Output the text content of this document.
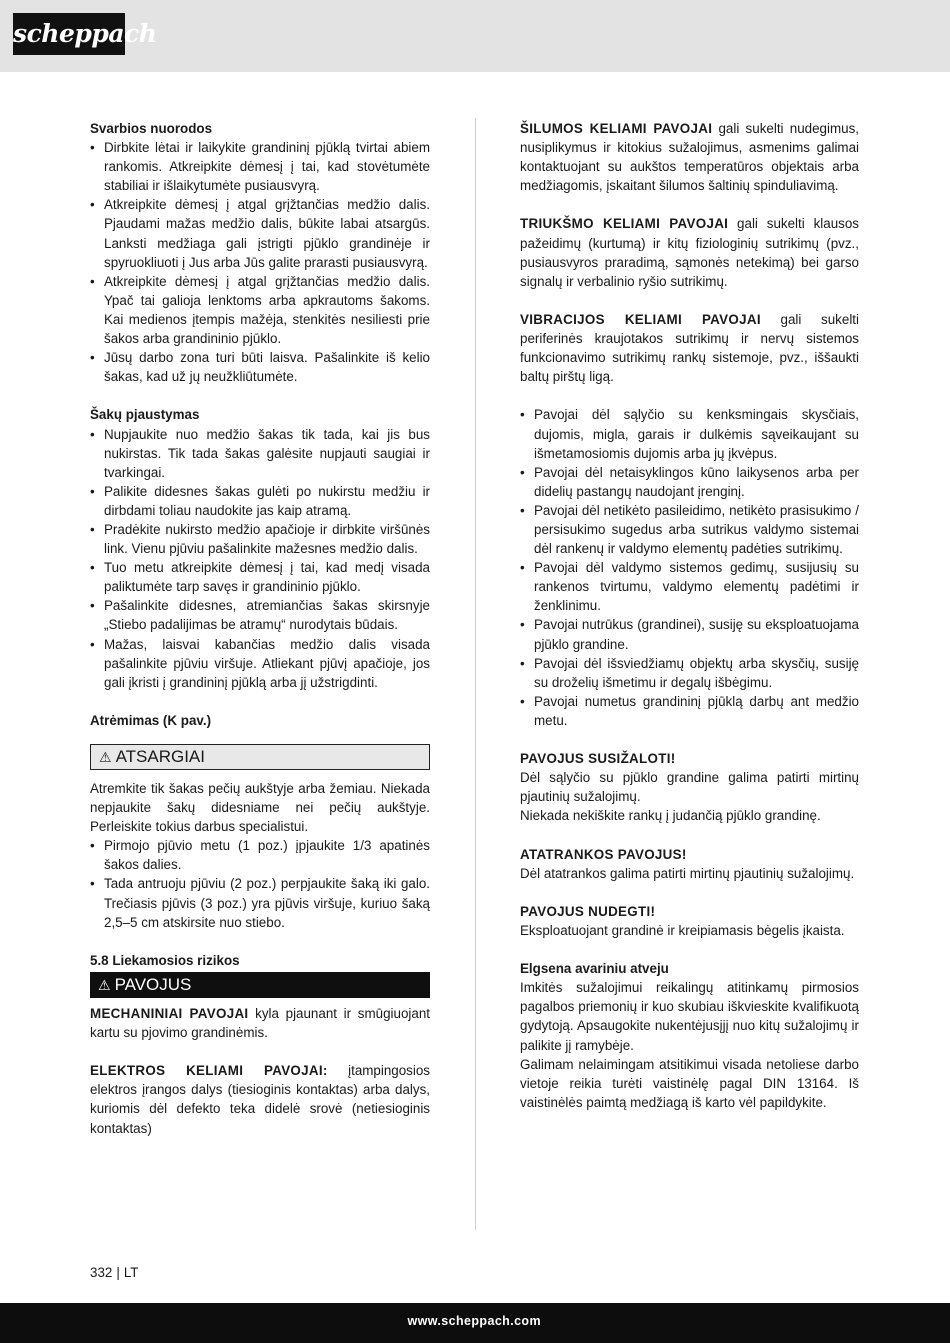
scheppach
Svarbios nuorodos
• Dirbkite lėtai ir laikykite grandininį pjūklą tvirtai abiem rankomis. Atkreipkite dėmesį į tai, kad stovėtumėte stabiliai ir išlaikytumėte pusiausvyrą.
• Atkreipkite dėmesį į atgal grįžtančias medžio dalis. Pjaudami mažas medžio dalis, būkite labai atsargūs. Lanksti medžiaga gali įstrigti pjūklo grandinėje ir spyruokliuoti į Jus arba Jūs galite prarasti pusiausvyrą.
• Atkreipkite dėmesį į atgal grįžtančias medžio dalis. Ypač tai galioja lenktoms arba apkrautoms šakoms. Kai medienos įtempis mažėja, stenkitės nesiliesti prie šakos arba grandininio pjūklo.
• Jūsų darbo zona turi būti laisva. Pašalinkite iš kelio šakas, kad už jų neužkliūtumėte.
Šakų pjaustymas
• Nupjaukite nuo medžio šakas tik tada, kai jis bus nukirstas. Tik tada šakas galėsite nupjauti saugiai ir tvarkingai.
• Palikite didesnes šakas gulėti po nukirstu medžiu ir dirbdami toliau naudokite jas kaip atramą.
• Pradėkite nukirsto medžio apačioje ir dirbkite viršūnės link. Vienu pjūviu pašalinkite mažesnes medžio dalis.
• Tuo metu atkreipkite dėmesį į tai, kad medį visada paliktumėte tarp savęs ir grandininio pjūklo.
• Pašalinkite didesnes, atremiančias šakas skirsnyje „Stiebo padalijimas be atramų“ nurodytais būdais.
• Mažas, laisvai kabančias medžio dalis visada pašalinkite pjūviu viršuje. Atliekant pjūvį apačioje, jos gali įkristi į grandininį pjūklą arba jį užstrigdinti.
Atrėmimas (K pav.)
⚠ ATSARGIAI

Atremkite tik šakas pečių aukštyje arba žemiau. Niekada nepjaukite šakų didesniame nei pečių aukštyje. Perleiskite tokius darbus specialistui.

• Pirmojo pjūvio metu (1 poz.) įpjaukite 1/3 apatinės šakos dalies.
• Tada antruoju pjūviu (2 poz.) perpjaukite šaką iki galo. Trečiasis pjūvis (3 poz.) yra pjūvis viršuje, kuriuo šaką 2,5–5 cm atskirsite nuo stiebo.
5.8 Liekamosios rizikos
⚠ PAVOJUS

MECHANINIAI PAVOJAI kyla pjaunant ir smūgiuojant kartu su pjovimo grandinėmis.

ELEKTROS KELIAMI PAVOJAI: įtampingosios elektros įrangos dalys (tiesioginis kontaktas) arba dalys, kuriomis dėl defekto teka didelė srovė (netiesioginis kontaktas)

ŠILUMOS KELIAMI PAVOJAI gali sukelti nudegimus, nusiplikymus ir kitokius sužalojimus, asmenims galimai kontaktuojant su aukštos temperatūros objektais arba medžiagomis, įskaitant šilumos šaltinių spinduliavimą.

TRIUKŠMO KELIAMI PAVOJAI gali sukelti klausos pažeidimų (kurtumą) ir kitų fiziologinių sutrikimų (pvz., pusiausvyros praradimą, sąmonės netekimą) bei garso signalų ir verbalinio ryšio sutrikimų.

VIBRACIJOS KELIAMI PAVOJAI gali sukelti periferinės kraujotakos sutrikimų ir nervų sistemos funkcionavimo sutrikimų rankų sistemoje, pvz., iššaukti baltų pirštų ligą.

• Pavojai dėl sąlyčio su kenksmingais skysčiais, dujomis, migla, garais ir dulkėmis sąveikaujant su išmetamosiomis dujomis arba jų įkvėpus.
• Pavojai dėl netaisyklingos kūno laikysenos arba per didelių pastangų naudojant įrenginį.
• Pavojai dėl netikėto pasileidimo, netikėto prasisukimo / persisukimo sugedus arba sutrikus valdymo sistemai dėl rankenų ir valdymo elementų padėties sutrikimų.
• Pavojai dėl valdymo sistemos gedimų, susijusių su rankenos tvirtumu, valdymo elementų padėtimi ir ženklinimu.
• Pavojai nutrūkus (grandinei), susiję su eksploatuojama pjūklo grandine.
• Pavojai dėl išsviedžiamų objektų arba skysčių, susiję su droželių išmetimu ir degalų išbėgimu.
• Pavojai numetus grandininį pjūklą darbų ant medžio metu.
PAVOJUS SUSIŽALOTI!

Dėl sąlyčio su pjūklo grandine galima patirti mirtinų pjautinių sužalojimų.

Niekada nekiškite rankų į judančią pjūklo grandinę.

ATATRANKOS PAVOJUS!

Dėl atatrankos galima patirti mirtinų pjautinių sužalojimų.

PAVOJUS NUDEGTI!

Eksploatuojant grandinė ir kreipiamasis bėgelis įkaista.

Elgsena avariniu atveju

Imkitės sužalojimui reikalingų atitinkamų pirmosios pagalbos priemonių ir kuo skubiau iškvieskite kvalifikuotą gydytoją. Apsaugokite nukentėjusįjį nuo kitų sužalojimų ir palikite jį ramybėje.

Galimam nelaimingam atsitikimui visada netoliese darbo vietoje reikia turėti vaistinėlę pagal DIN 13164. Iš vaistinėlės paimtą medžiagą iš karto vėl papildykite.

332 | LT
www.scheppach.com
